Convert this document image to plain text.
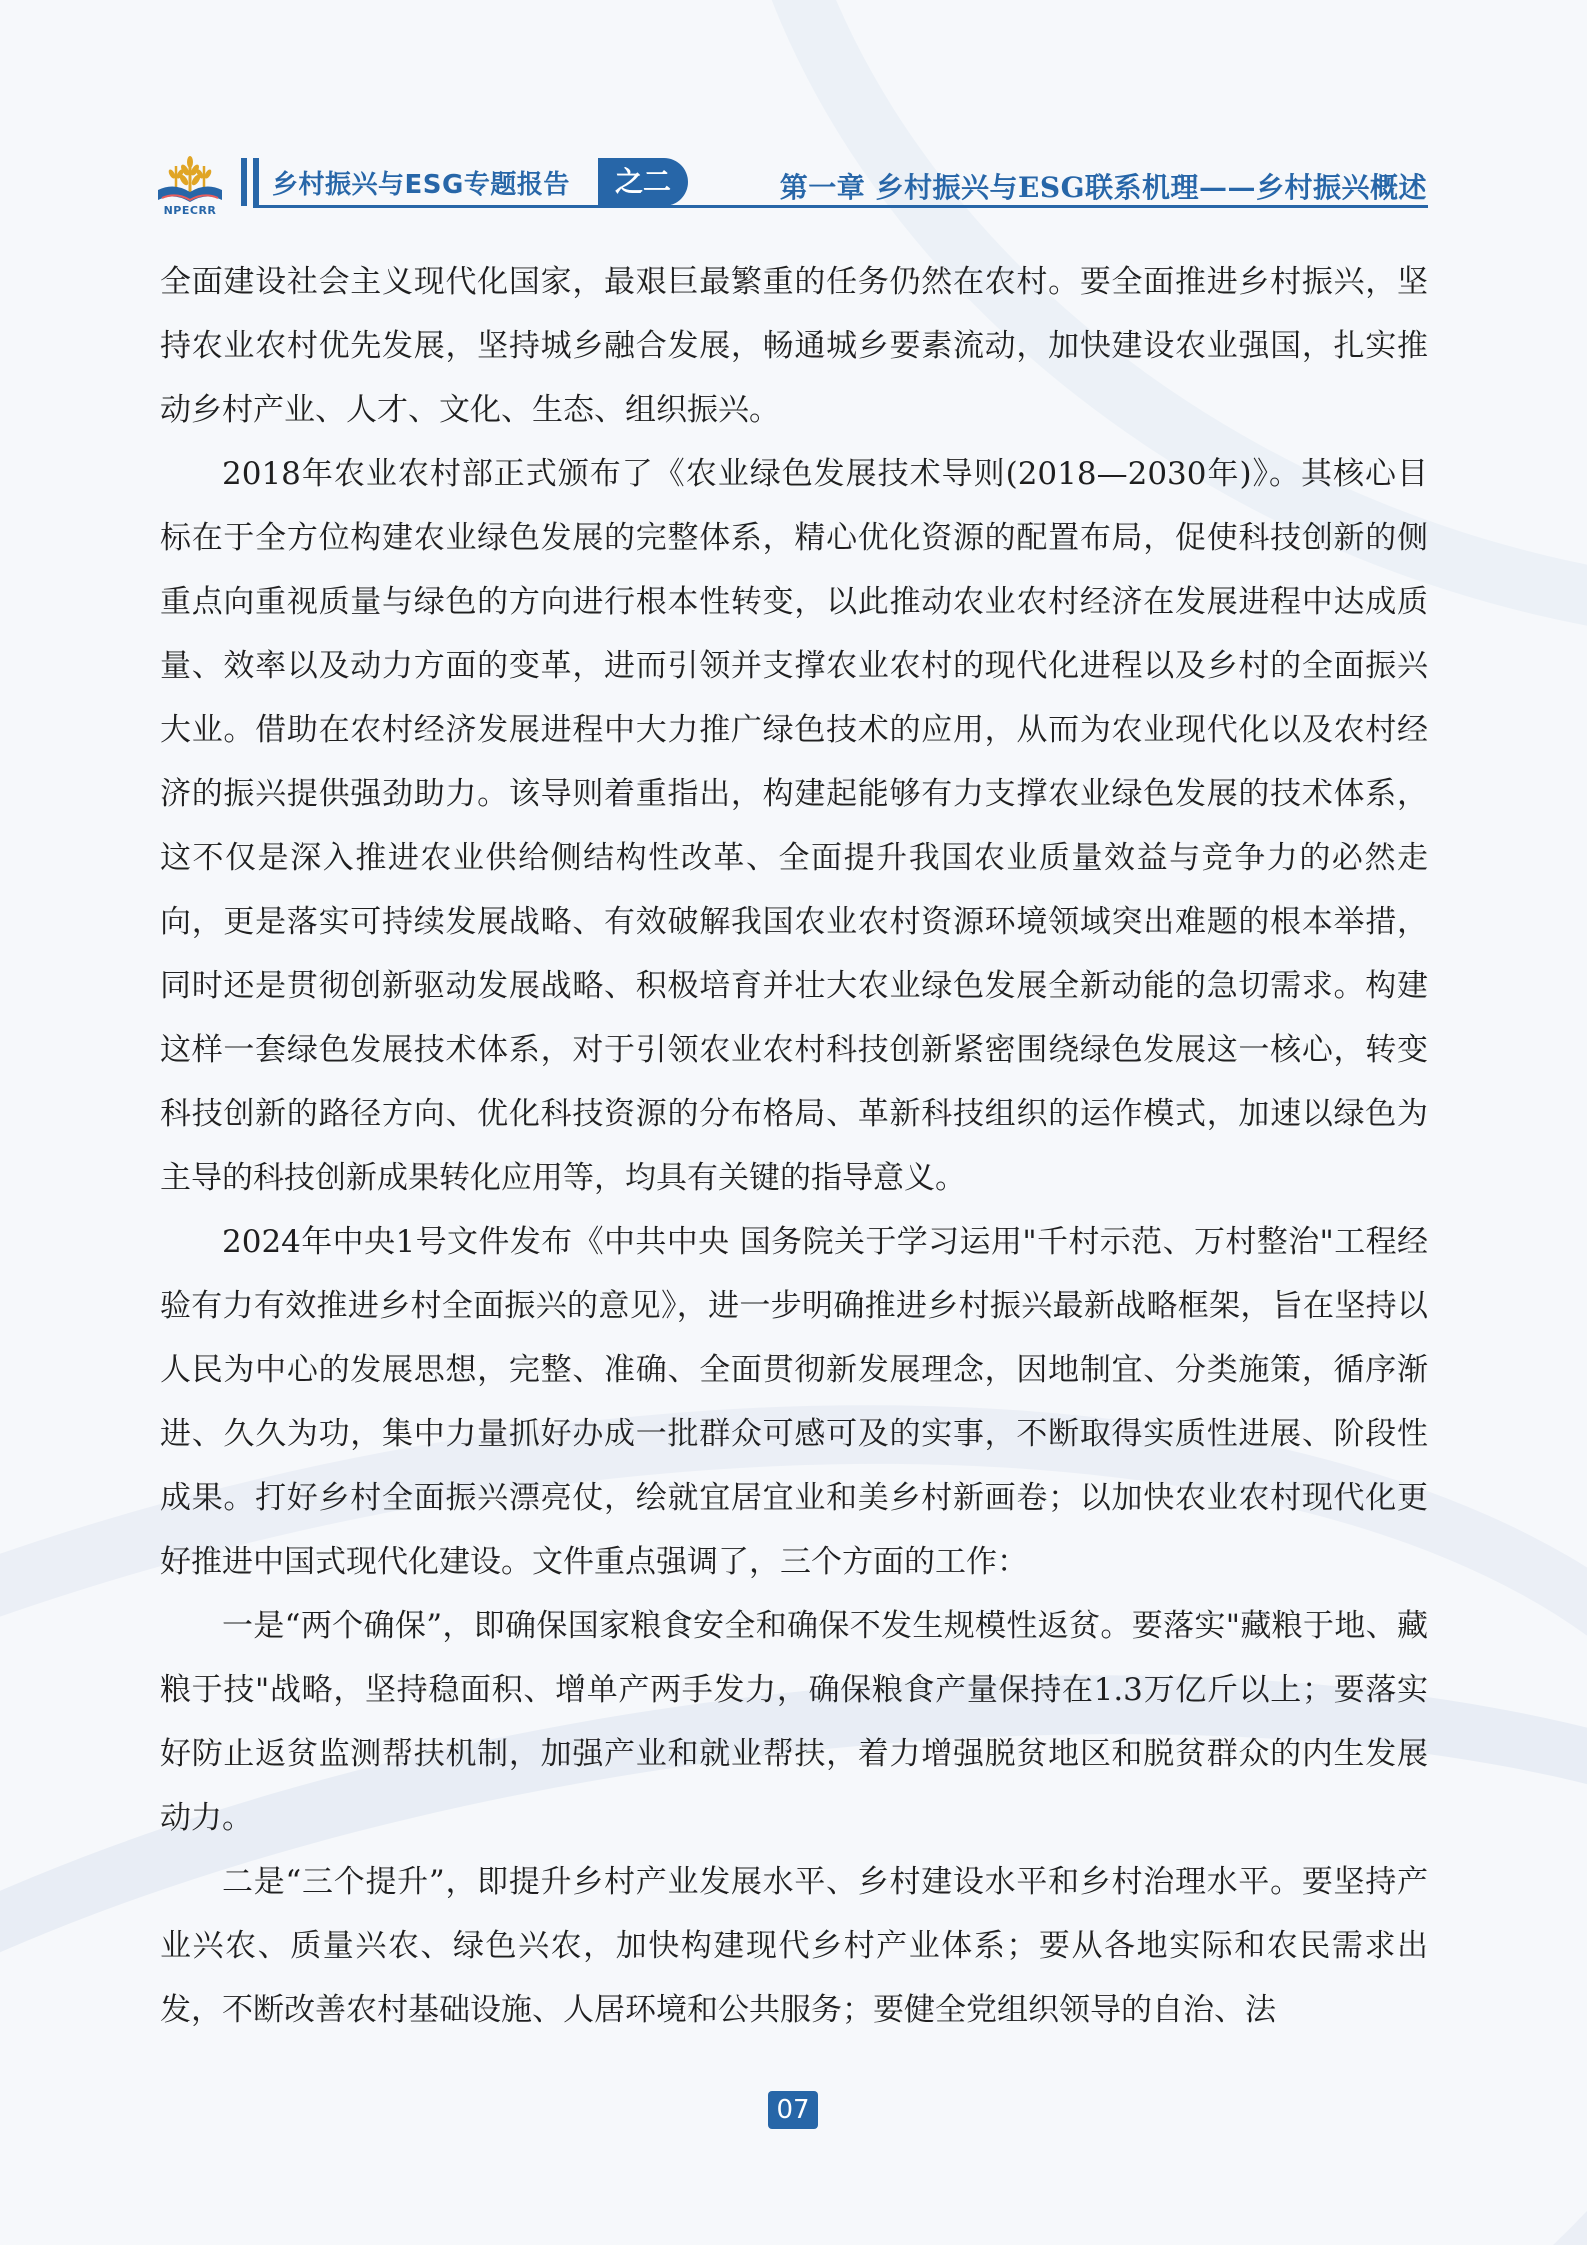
NPECRR
乡村振兴与ESG专题报告	之二	第一章 乡村振兴与ESG联系机理——乡村振兴概述

全面建设社会主义现代化国家，最艰巨最繁重的任务仍然在农村。要全面推进乡村振兴，坚持农业农村优先发展，坚持城乡融合发展，畅通城乡要素流动，加快建设农业强国，扎实推动乡村产业、人才、文化、生态、组织振兴。

2018年农业农村部正式颁布了《农业绿色发展技术导则(2018—2030年)》。其核心目标在于全方位构建农业绿色发展的完整体系，精心优化资源的配置布局，促使科技创新的侧重点向重视质量与绿色的方向进行根本性转变，以此推动农业农村经济在发展进程中达成质量、效率以及动力方面的变革，进而引领并支撑农业农村的现代化进程以及乡村的全面振兴大业。借助在农村经济发展进程中大力推广绿色技术的应用，从而为农业现代化以及农村经济的振兴提供强劲助力。该导则着重指出，构建起能够有力支撑农业绿色发展的技术体系，这不仅是深入推进农业供给侧结构性改革、全面提升我国农业质量效益与竞争力的必然走向，更是落实可持续发展战略、有效破解我国农业农村资源环境领域突出难题的根本举措，同时还是贯彻创新驱动发展战略、积极培育并壮大农业绿色发展全新动能的急切需求。构建这样一套绿色发展技术体系，对于引领农业农村科技创新紧密围绕绿色发展这一核心，转变科技创新的路径方向、优化科技资源的分布格局、革新科技组织的运作模式，加速以绿色为主导的科技创新成果转化应用等，均具有关键的指导意义。

2024年中央1号文件发布《中共中央 国务院关于学习运用"千村示范、万村整治"工程经验有力有效推进乡村全面振兴的意见》，进一步明确推进乡村振兴最新战略框架，旨在坚持以人民为中心的发展思想，完整、准确、全面贯彻新发展理念，因地制宜、分类施策，循序渐进、久久为功，集中力量抓好办成一批群众可感可及的实事，不断取得实质性进展、阶段性成果。打好乡村全面振兴漂亮仗，绘就宜居宜业和美乡村新画卷；以加快农业农村现代化更好推进中国式现代化建设。文件重点强调了，三个方面的工作：

一是“两个确保”，即确保国家粮食安全和确保不发生规模性返贫。要落实"藏粮于地、藏粮于技"战略，坚持稳面积、增单产两手发力，确保粮食产量保持在1.3万亿斤以上；要落实好防止返贫监测帮扶机制，加强产业和就业帮扶，着力增强脱贫地区和脱贫群众的内生发展动力。

二是“三个提升”，即提升乡村产业发展水平、乡村建设水平和乡村治理水平。要坚持产业兴农、质量兴农、绿色兴农，加快构建现代乡村产业体系；要从各地实际和农民需求出发，不断改善农村基础设施、人居环境和公共服务；要健全党组织领导的自治、法

07
